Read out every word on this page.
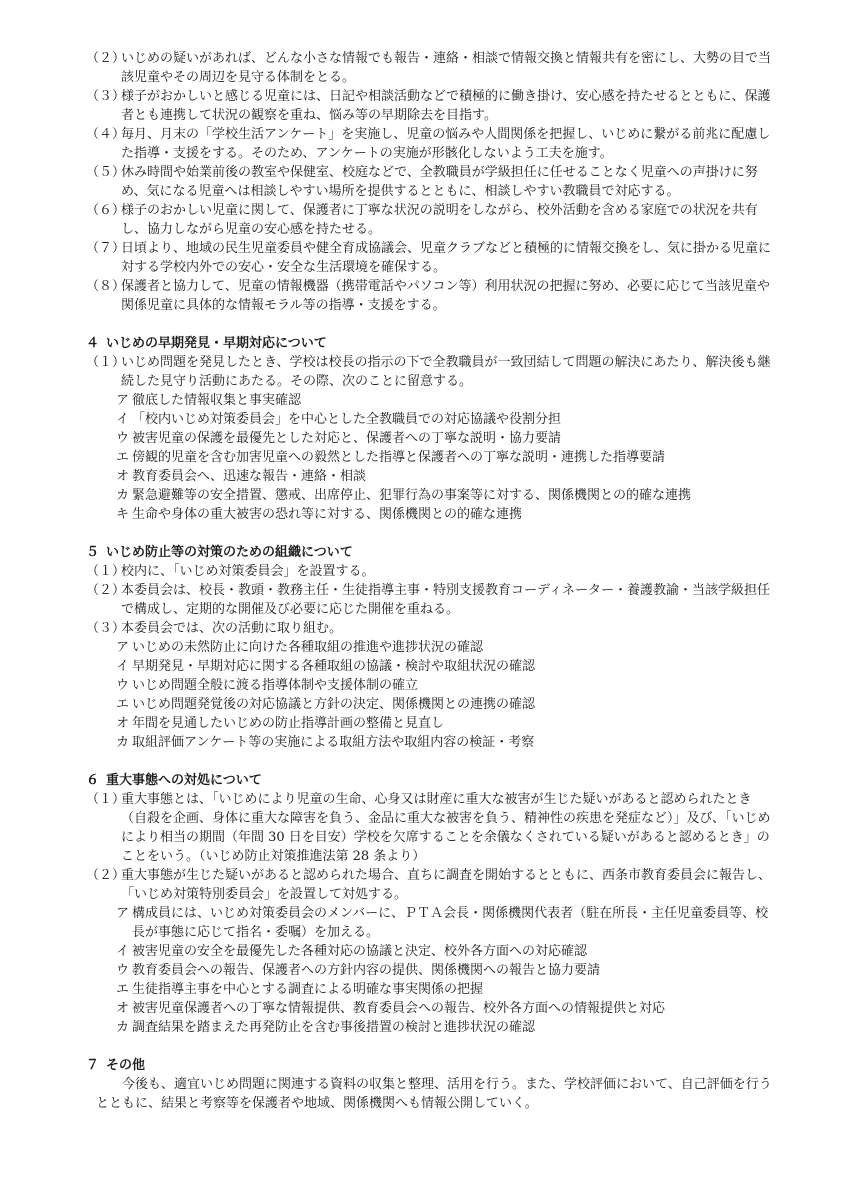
（２）
いじめの疑いがあれば、どんな小さな情報でも報告・連絡・相談で情報交換と情報共有を密にし、大勢の目で当該児童やその周辺を見守る体制をとる。
（３）
様子がおかしいと感じる児童には、日記や相談活動などで積極的に働き掛け、安心感を持たせるとともに、保護者とも連携して状況の観察を重ね、悩み等の早期除去を目指す。
（４）
毎月、月末の「学校生活アンケート」を実施し、児童の悩みや人間関係を把握し、いじめに繋がる前兆に配慮した指導・支援をする。そのため、アンケートの実施が形骸化しないよう工夫を施す。
（５）
休み時間や始業前後の教室や保健室、校庭などで、全教職員が学級担任に任せることなく児童への声掛けに努め、気になる児童へは相談しやすい場所を提供するとともに、相談しやすい教職員で対応する。
（６）
様子のおかしい児童に関して、保護者に丁寧な状況の説明をしながら、校外活動を含める家庭での状況を共有し、協力しながら児童の安心感を持たせる。
（７）
日頃より、地域の民生児童委員や健全育成協議会、児童クラブなどと積極的に情報交換をし、気に掛かる児童に対する学校内外での安心・安全な生活環境を確保する。
（８）
保護者と協力して、児童の情報機器（携帯電話やパソコン等）利用状況の把握に努め、必要に応じて当該児童や関係児童に具体的な情報モラル等の指導・支援をする。
４ いじめの早期発見・早期対応について
（１）
いじめ問題を発見したとき、学校は校長の指示の下で全教職員が一致団結して問題の解決にあたり、解決後も継続した見守り活動にあたる。その際、次のことに留意する。
ア 徹底した情報収集と事実確認
イ 「校内いじめ対策委員会」を中心とした全教職員での対応協議や役割分担
ウ 被害児童の保護を最優先とした対応と、保護者への丁寧な説明・協力要請
エ 傍観的児童を含む加害児童への毅然とした指導と保護者への丁寧な説明・連携した指導要請
オ 教育委員会へ、迅速な報告・連絡・相談
カ 緊急避難等の安全措置、懲戒、出席停止、犯罪行為の事案等に対する、関係機関との的確な連携
キ 生命や身体の重大被害の恐れ等に対する、関係機関との的確な連携
５ いじめ防止等の対策のための組織について
（１）
校内に、「いじめ対策委員会」を設置する。
（２）
本委員会は、校長・教頭・教務主任・生徒指導主事・特別支援教育コーディネーター・養護教諭・当該学級担任で構成し、定期的な開催及び必要に応じた開催を重ねる。
（３）
本委員会では、次の活動に取り組む。
ア いじめの未然防止に向けた各種取組の推進や進捗状況の確認
イ 早期発見・早期対応に関する各種取組の協議・検討や取組状況の確認
ウ いじめ問題全般に渡る指導体制や支援体制の確立
エ いじめ問題発覚後の対応協議と方針の決定、関係機関との連携の確認
オ 年間を見通したいじめの防止指導計画の整備と見直し
カ 取組評価アンケート等の実施による取組方法や取組内容の検証・考察
６ 重大事態への対処について
（１）
重大事態とは、「いじめにより児童の生命、心身又は財産に重大な被害が生じた疑いがあると認められたとき（自殺を企画、身体に重大な障害を負う、金品に重大な被害を負う、精神性の疾患を発症など）」及び、「いじめにより相当の期間（年間 30 日を目安）学校を欠席することを余儀なくされている疑いがあると認めるとき」のことをいう。（いじめ防止対策推進法第 28 条より）
（２）
重大事態が生じた疑いがあると認められた場合、直ちに調査を開始するとともに、西条市教育委員会に報告し、「いじめ対策特別委員会」を設置して対処する。
ア 構成員には、いじめ対策委員会のメンバーに、ＰＴＡ会長・関係機関代表者（駐在所長・主任児童委員等、校長が事態に応じて指名・委嘱）を加える。
イ 被害児童の安全を最優先した各種対応の協議と決定、校外各方面への対応確認
ウ 教育委員会への報告、保護者への方針内容の提供、関係機関への報告と協力要請
エ 生徒指導主事を中心とする調査による明確な事実関係の把握
オ 被害児童保護者への丁寧な情報提供、教育委員会への報告、校外各方面への情報提供と対応
カ 調査結果を踏まえた再発防止を含む事後措置の検討と進捗状況の確認
７ その他
今後も、適宜いじめ問題に関連する資料の収集と整理、活用を行う。また、学校評価において、自己評価を行うとともに、結果と考察等を保護者や地域、関係機関へも情報公開していく。
